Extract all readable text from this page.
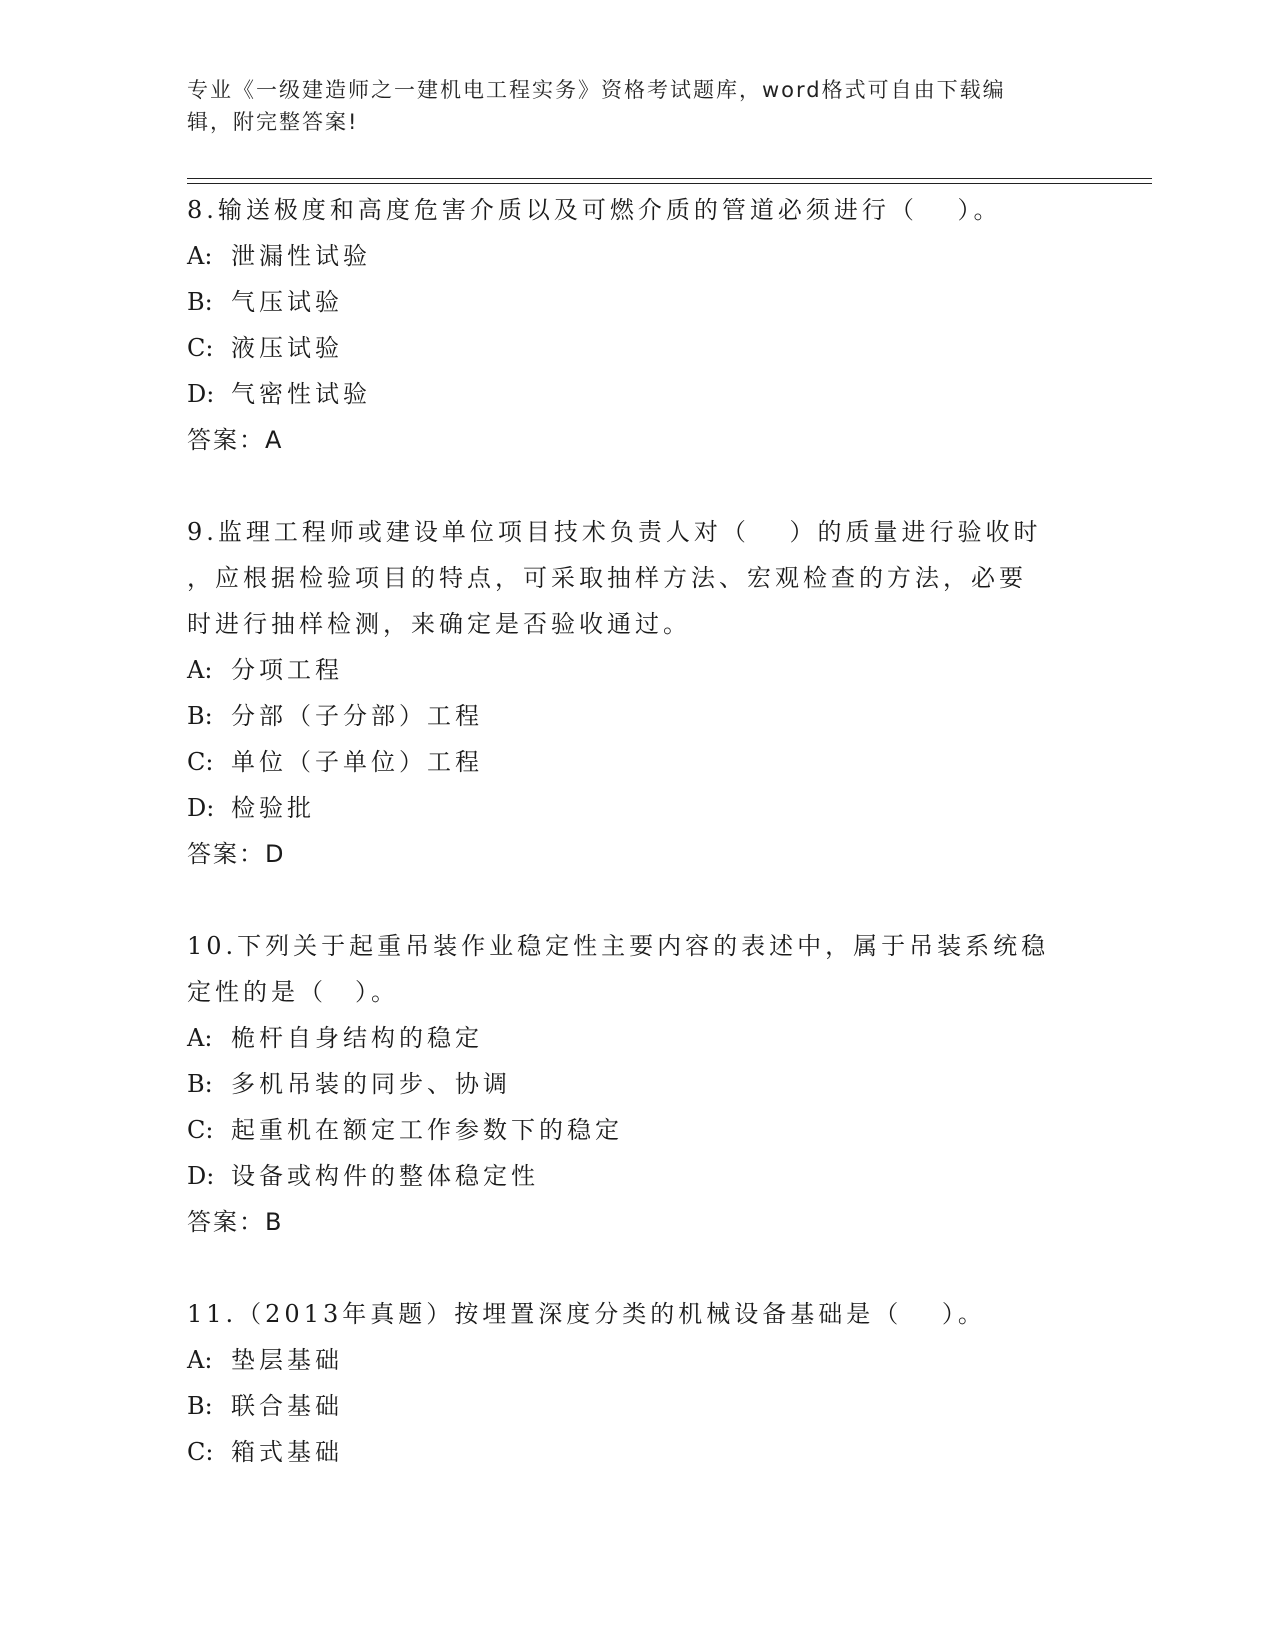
专业《一级建造师之一建机电工程实务》资格考试题库，word格式可自由下载编
辑，附完整答案!

8.输送极度和高度危害介质以及可燃介质的管道必须进行（　 ）。

A: 泄漏性试验

B: 气压试验

C: 液压试验

D: 气密性试验

答案：A

9.监理工程师或建设单位项目技术负责人对（　 ）的质量进行验收时

，应根据检验项目的特点，可采取抽样方法、宏观检查的方法，必要

时进行抽样检测，来确定是否验收通过。

A: 分项工程

B: 分部（子分部）工程

C: 单位（子单位）工程

D: 检验批

答案：D

10.下列关于起重吊装作业稳定性主要内容的表述中，属于吊装系统稳

定性的是（　）。

A: 桅杆自身结构的稳定

B: 多机吊装的同步、协调

C: 起重机在额定工作参数下的稳定

D: 设备或构件的整体稳定性

答案：B

11.（2013年真题）按埋置深度分类的机械设备基础是（　 ）。

A: 垫层基础

B: 联合基础

C: 箱式基础
